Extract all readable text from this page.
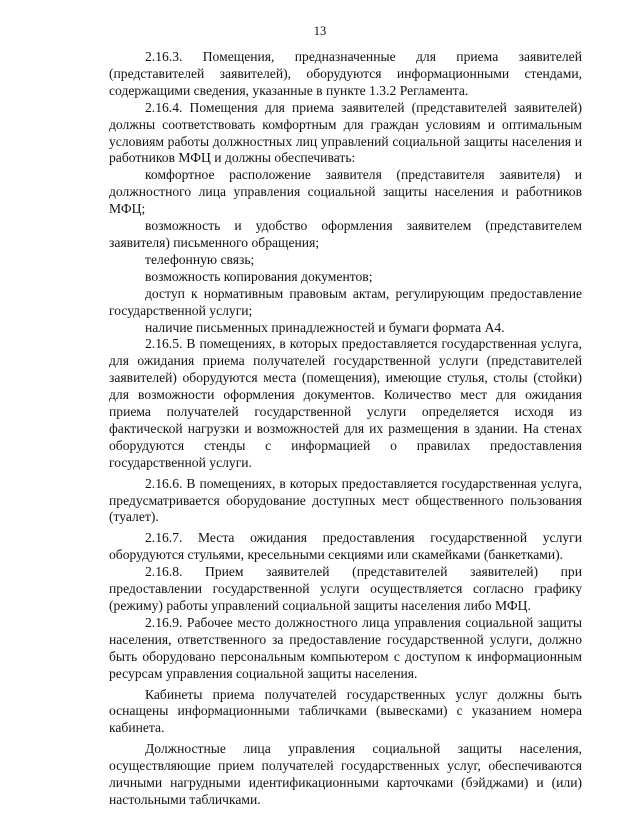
13

2.16.3. Помещения, предназначенные для приема заявителей (представителей заявителей), оборудуются информационными стендами, содержащими сведения, указанные в пункте 1.3.2 Регламента.

2.16.4. Помещения для приема заявителей (представителей заявителей) должны соответствовать комфортным для граждан условиям и оптимальным условиям работы должностных лиц управлений социальной защиты населения и работников МФЦ и должны обеспечивать:

комфортное расположение заявителя (представителя заявителя) и должностного лица управления социальной защиты населения и работников МФЦ;

возможность и удобство оформления заявителем (представителем заявителя) письменного обращения;

телефонную связь;

возможность копирования документов;

доступ к нормативным правовым актам, регулирующим предоставление государственной услуги;

наличие письменных принадлежностей и бумаги формата А4.

2.16.5. В помещениях, в которых предоставляется государственная услуга, для ожидания приема получателей государственной услуги (представителей заявителей) оборудуются места (помещения), имеющие стулья, столы (стойки) для возможности оформления документов. Количество мест для ожидания приема получателей государственной услуги определяется исходя из фактической нагрузки и возможностей для их размещения в здании. На стенах оборудуются стенды с информацией о правилах предоставления государственной услуги.

2.16.6. В помещениях, в которых предоставляется государственная услуга, предусматривается оборудование доступных мест общественного пользования (туалет).

2.16.7. Места ожидания предоставления государственной услуги оборудуются стульями, кресельными секциями или скамейками (банкетками).

2.16.8. Прием заявителей (представителей заявителей) при предоставлении государственной услуги осуществляется согласно графику (режиму) работы управлений социальной защиты населения либо МФЦ.

2.16.9. Рабочее место должностного лица управления социальной защиты населения, ответственного за предоставление государственной услуги, должно быть оборудовано персональным компьютером с доступом к информационным ресурсам управления социальной защиты населения.

Кабинеты приема получателей государственных услуг должны быть оснащены информационными табличками (вывесками) с указанием номера кабинета.

Должностные лица управления социальной защиты населения, осуществляющие прием получателей государственных услуг, обеспечиваются личными нагрудными идентификационными карточками (бэйджами) и (или) настольными табличками.
